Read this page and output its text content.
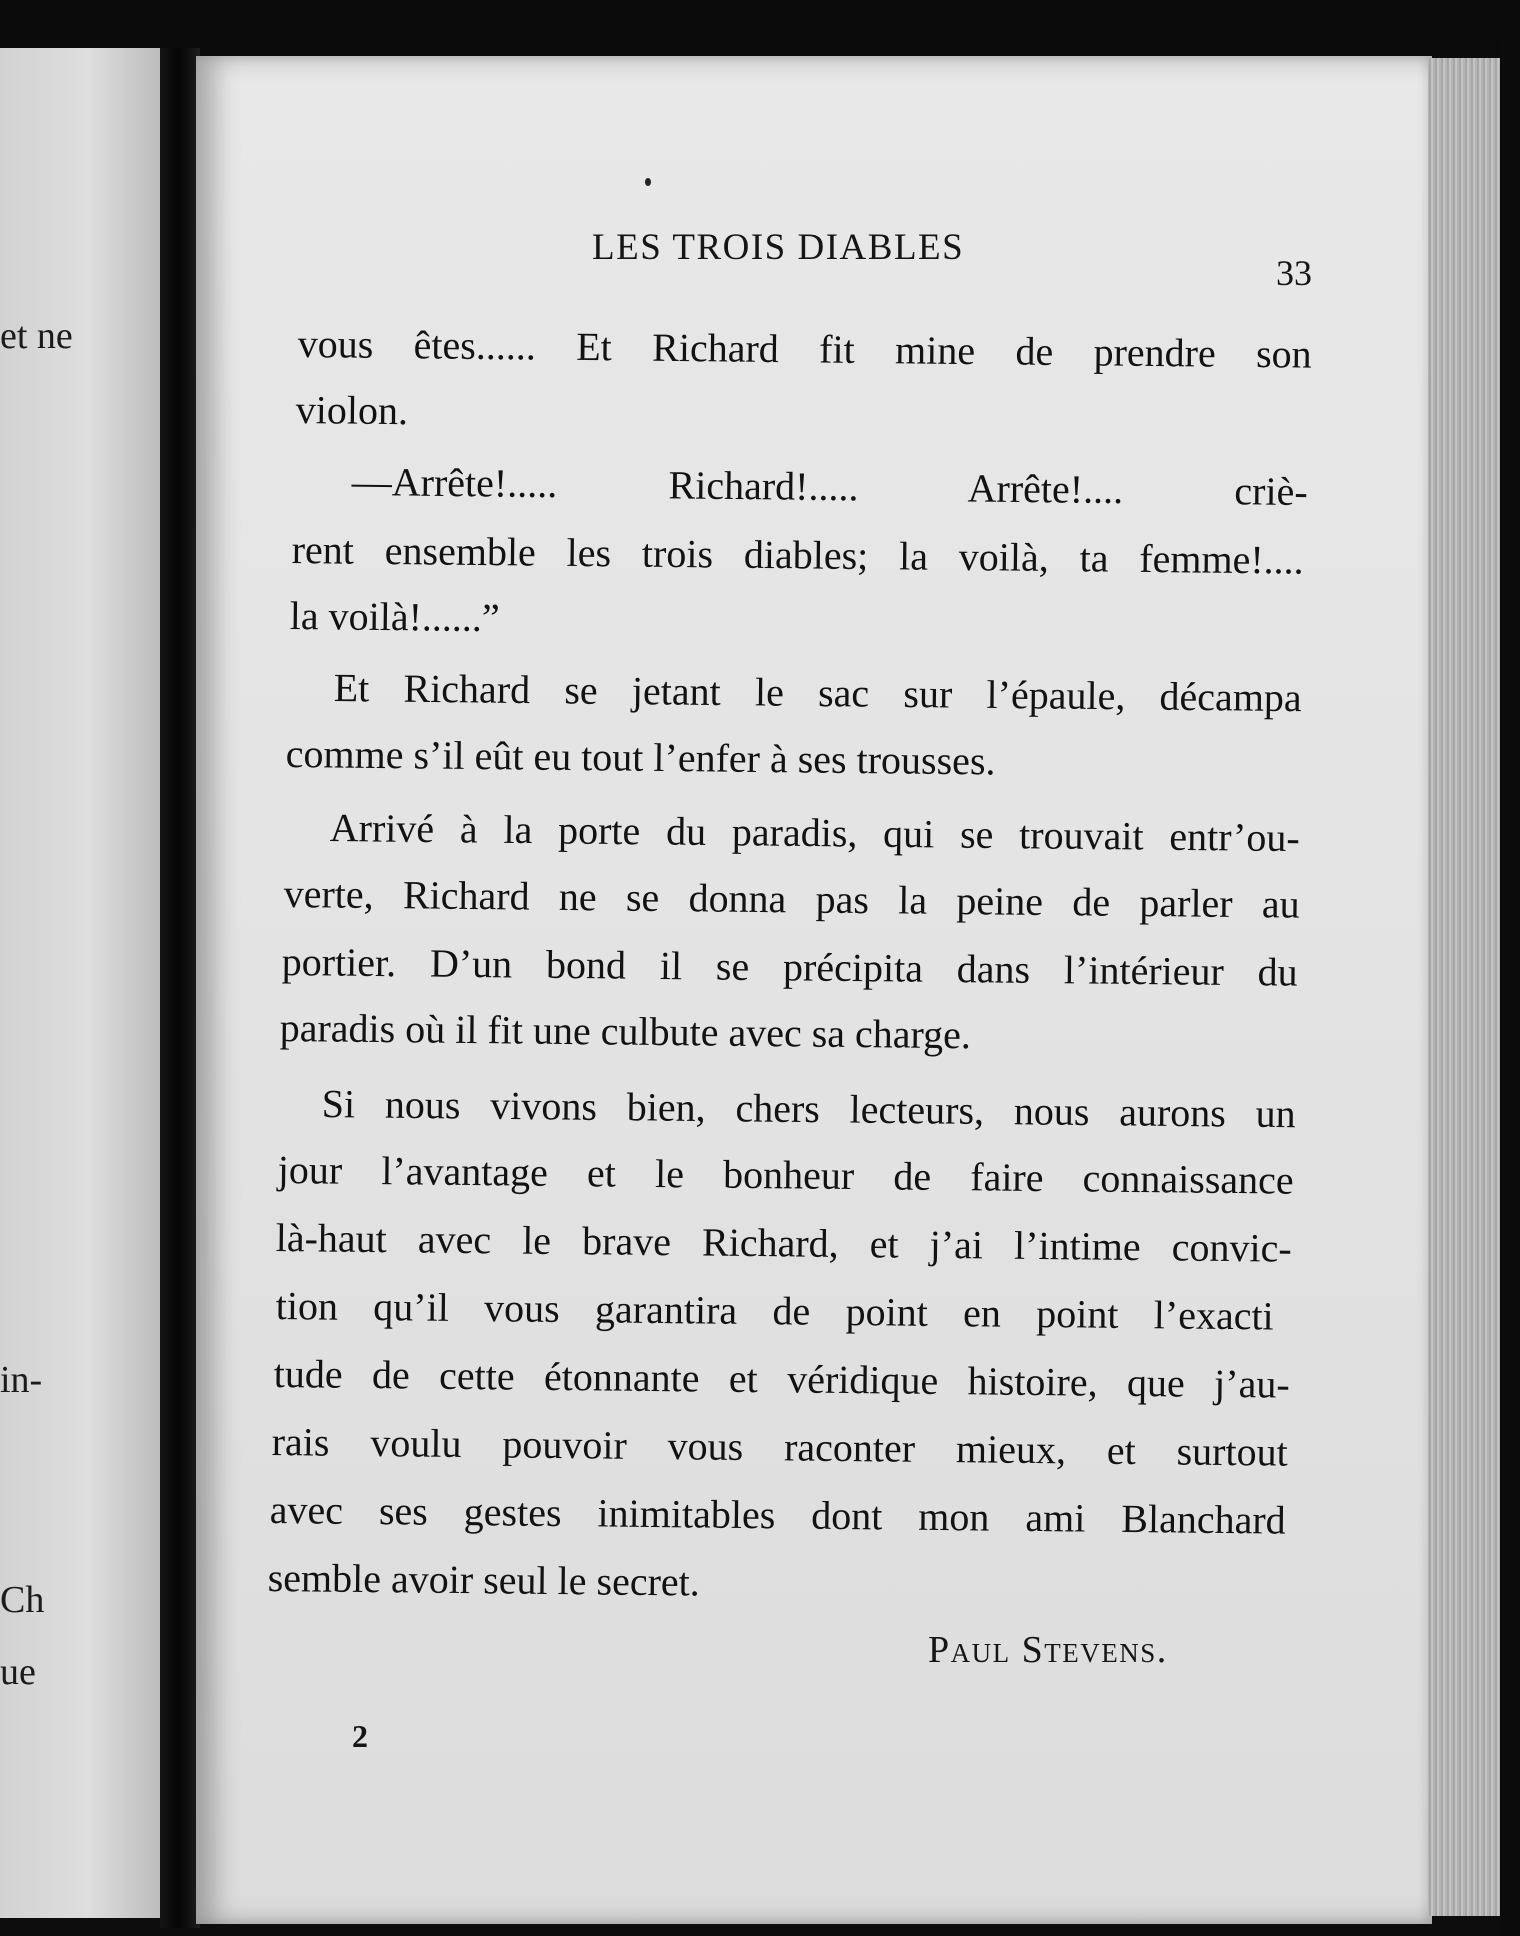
et ne
in-
Ch
ue
LES TROIS DIABLES
33
vous êtes...... Et Richard fit mine de prendre son
violon.
—Arrête!..... Richard!..... Arrête!.... criè-
rent ensemble les trois diables; la voilà, ta femme!....
la voilà!......”
Et Richard se jetant le sac sur l’épaule, décampa
comme s’il eût eu tout l’enfer à ses trousses.
Arrivé à la porte du paradis, qui se trouvait entr’ou-
verte, Richard ne se donna pas la peine de parler au
portier. D’un bond il se précipita dans l’intérieur du
paradis où il fit une culbute avec sa charge.
Si nous vivons bien, chers lecteurs, nous aurons un
jour l’avantage et le bonheur de faire connaissance
là-haut avec le brave Richard, et j’ai l’intime convic-
tion qu’il vous garantira de point en point l’exacti
tude de cette étonnante et véridique histoire, que j’au-
rais voulu pouvoir vous raconter mieux, et surtout
avec ses gestes inimitables dont mon ami Blanchard
semble avoir seul le secret.
Paul Stevens.
2
